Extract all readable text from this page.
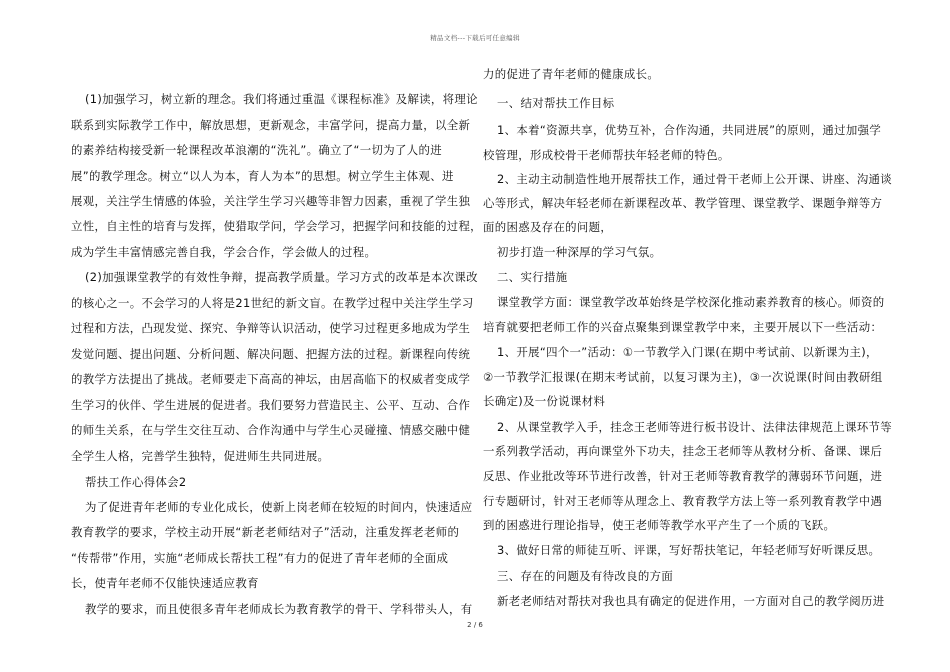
精品文档---下载后可任意编辑
(1)加强学习，树立新的理念。我们将通过重温《课程标准》及解读，将理论
联系到实际教学工作中，解放思想，更新观念，丰富学问，提高力量，以全新
的素养结构接受新一轮课程改革浪潮的“洗礼”。确立了“一切为了人的进
展”的教学理念。树立“以人为本，育人为本”的思想。树立学生主体观、进
展观，关注学生情感的体验，关注学生学习兴趣等非智力因素，重视了学生独
立性，自主性的培育与发挥，使猎取学问，学会学习，把握学问和技能的过程，
成为学生丰富情感完善自我，学会合作，学会做人的过程。
(2)加强课堂教学的有效性争辩，提高教学质量。学习方式的改革是本次课改
的核心之一。不会学习的人将是21世纪的新文盲。在教学过程中关注学生学习
过程和方法，凸现发觉、探究、争辩等认识活动，使学习过程更多地成为学生
发觉问题、提出问题、分析问题、解决问题、把握方法的过程。新课程向传统
的教学方法提出了挑战。老师要走下高高的神坛，由居高临下的权威者变成学
生学习的伙伴、学生进展的促进者。我们要努力营造民主、公平、互动、合作
的师生关系，在与学生交往互动、合作沟通中与学生心灵碰撞、情感交融中健
全学生人格，完善学生独特，促进师生共同进展。
帮扶工作心得体会2
为了促进青年老师的专业化成长，使新上岗老师在较短的时间内，快速适应
教育教学的要求，学校主动开展“新老老师结对子”活动，注重发挥老老师的
“传帮带”作用，实施“老师成长帮扶工程”有力的促进了青年老师的全面成
长，使青年老师不仅能快速适应教育
教学的要求，而且使很多青年老师成长为教育教学的骨干、学科带头人，有
力的促进了青年老师的健康成长。
一、结对帮扶工作目标
1、本着“资源共享，优势互补，合作沟通，共同进展”的原则，通过加强学
校管理，形成校骨干老师帮扶年轻老师的特色。
2、主动主动制造性地开展帮扶工作，通过骨干老师上公开课、讲座、沟通谈
心等形式，解决年轻老师在新课程改革、教学管理、课堂教学、课题争辩等方
面的困惑及存在的问题，
初步打造一种深厚的学习气氛。
二、实行措施
课堂教学方面：课堂教学改革始终是学校深化推动素养教育的核心。师资的
培育就要把老师工作的兴奋点聚集到课堂教学中来，主要开展以下一些活动：
1、开展“四个一”活动：①一节教学入门课(在期中考试前、以新课为主)，
②一节教学汇报课(在期末考试前，以复习课为主)，③一次说课(时间由教研组
长确定)及一份说课材料
2、从课堂教学入手，挂念王老师等进行板书设计、法律法律规范上课环节等
一系列教学活动，再向课堂外下功夫，挂念王老师等从教材分析、备课、课后
反思、作业批改等环节进行改善，针对王老师等教育教学的薄弱环节问题，进
行专题研讨，针对王老师等从理念上、教育教学方法上等一系列教育教学中遇
到的困惑进行理论指导，使王老师等教学水平产生了一个质的飞跃。
3、做好日常的师徒互听、评课，写好帮扶笔记，年轻老师写好听课反思。
三、存在的问题及有待改良的方面
新老老师结对帮扶对我也具有确定的促进作用，一方面对自己的教学阅历进
2 / 6
